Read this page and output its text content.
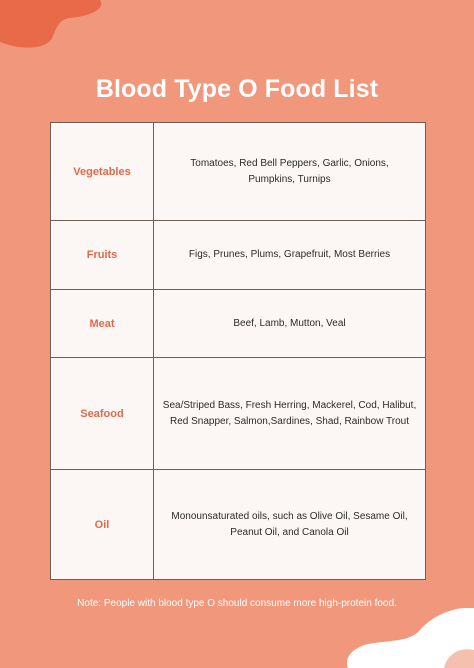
Blood Type O Food List
Vegetables	Tomatoes, Red Bell Peppers, Garlic, Onions,
Pumpkins, Turnips

Fruits	Figs, Prunes, Plums, Grapefruit, Most Berries

Meat	Beef, Lamb, Mutton, Veal

Seafood	Sea/Striped Bass, Fresh Herring, Mackerel, Cod, Halibut,
Red Snapper, Salmon,Sardines, Shad, Rainbow Trout

Oil	Monounsaturated oils, such as Olive Oil, Sesame Oil,
Peanut Oil, and Canola Oil
Note: People with blood type O should consume more high-protein food.
